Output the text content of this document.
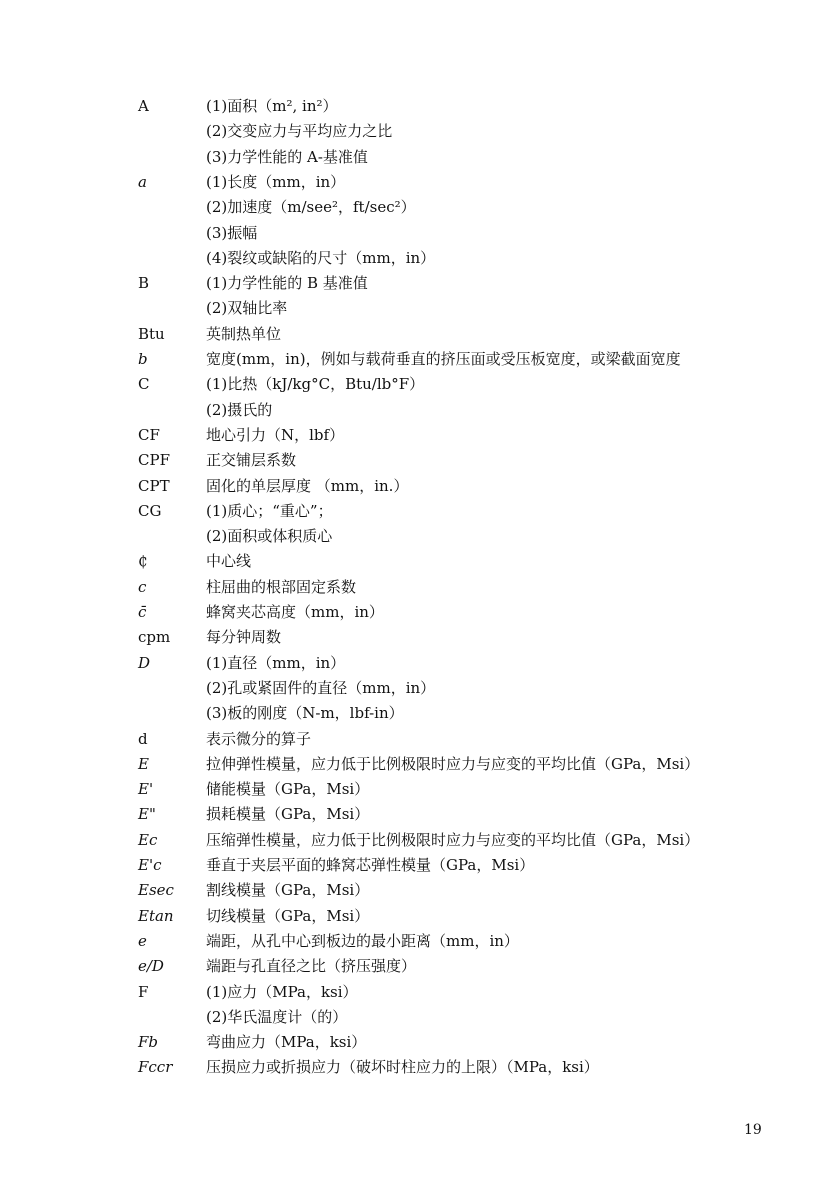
A	(1)面积（m², in²）
(2)交变应力与平均应力之比
(3)力学性能的 A-基准值
a	(1)长度（mm，in）
(2)加速度（m/see²，ft/sec²）
(3)振幅
(4)裂纹或缺陷的尺寸（mm，in）
B	(1)力学性能的 B 基准值
(2)双轴比率
Btu	英制热单位
b	宽度(mm，in)，例如与载荷垂直的挤压面或受压板宽度，或梁截面宽度
C	(1)比热（kJ/kg°C，Btu/lb°F）
(2)摄氏的
CF	地心引力（N，lbf）
CPF 正交铺层系数
CPT 固化的单层厚度 （mm，in.）
CG	(1)质心；“重心”；
(2)面积或体积质心
₵	中心线
c	柱屈曲的根部固定系数
c̄	蜂窝夹芯高度（mm，in）
cpm 每分钟周数
D	(1)直径（mm，in）
(2)孔或紧固件的直径（mm，in）
(3)板的刚度（N-m，lbf-in）
d	表示微分的算子
E	拉伸弹性模量，应力低于比例极限时应力与应变的平均比值（GPa，Msi）
E'	储能模量（GPa，Msi）
E"	损耗模量（GPa，Msi）
Ec	压缩弹性模量，应力低于比例极限时应力与应变的平均比值（GPa，Msi）
E'c	垂直于夹层平面的蜂窝芯弹性模量（GPa，Msi）
Esec 割线模量（GPa，Msi）
Etan 切线模量（GPa，Msi）
e	端距，从孔中心到板边的最小距离（mm，in）
e/D	端距与孔直径之比（挤压强度）
F	(1)应力（MPa，ksi）
(2)华氏温度计（的）
Fb	弯曲应力（MPa，ksi）
Fccr 压损应力或折损应力（破坏时柱应力的上限）（MPa，ksi）
19
